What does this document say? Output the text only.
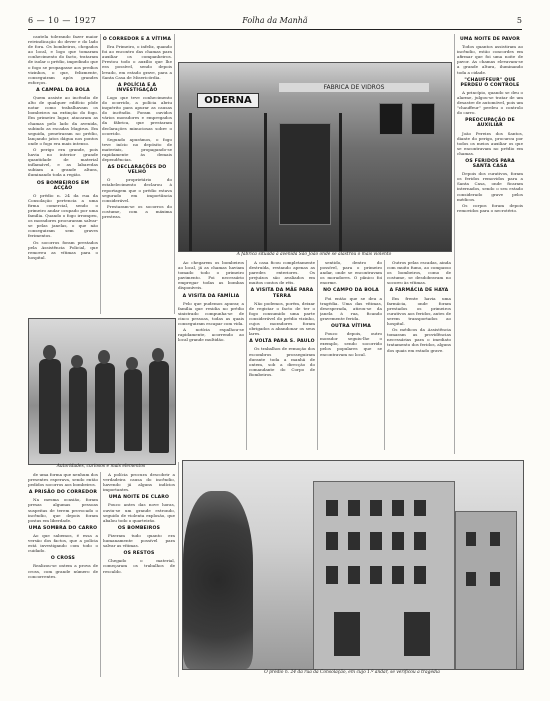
6 — 10 — 1927	Folha da Manhã	5

cautela tolerando fazer maior reivindicação do dever e do lado de fora. Os bombeiros, chegados ao local, e logo que tomaram conhecimento do facto, trataram de isolar o prédio, impedindo que o fogo se propagasse aos predios vizinhos, o que, felizmente, conseguiram após grandes esforços.

A CAMPAL DA BOLA

Quem assiste ao incêndio de alto de qualquer edifício pôde notar como trabalhavam os bombeiros na extinção do fogo. Em primeiro lugar, atacaram as chamas pelo lado da avenida, subindo as escadas Magirus. Em seguida, penetraram no prédio, lançando jatos dágua nos pontos onde o fogo era mais intenso.

O perigo era grande, pois havia no interior grande quantidade de material inflamável, e as labaredas subiam a grande altura, iluminando toda a região.

OS BOMBEIROS EM ACÇÃO

O prédio n. 24 da rua da Consolação pertencia a uma firma comercial, sendo o primeiro andar ocupado por uma família. Quando o fogo irrompeu, os moradores procuraram salvar-se pelas janelas, o que não conseguiram sem graves ferimentos.

Os socorros foram prestados pela Assistência Policial, que removeu as vítimas para o hospital.

O CORREDOR E A VÍTIMA

Era Primeiro, o infeliz, quando foi ao encontro das chamas para auxiliar os companheiros. Prestou todo o auxílio que lhe era possível, sendo depois levado, em estado grave, para a Santa Casa de Misericórdia.

A POLÍCIA E A INVESTIGAÇÃO

Logo que teve conhecimento do ocorrido, a polícia abriu inquérito para apurar as causas do incêndio. Foram ouvidos vários moradores e empregados da fábrica, que prestaram declarações minuciosas sobre o ocorrido.

Segundo apurámos, o fogo teve início no depósito de materiais, propagando-se rapidamente às demais dependências.

AS DECLARAÇÕES DO VELHO

O proprietário do estabelecimento declarou à reportagem que o prédio estava segurado em importância considerável.

Prestaram-se os socorros do costume, com a máxima presteza.

ODERNA
FABRICA DE VIDROS
A fábrica situada à avenida São João onde se alastrou o mais violento
UMA NOITE DE PAVOR

Todos quantos assistiram ao incêndio, estão concordes em afirmar que foi uma noite de pavor. As chamas elevavam-se a grande altura, iluminando toda a cidade.

"CHAUFFEUR" QUE PERDEU O CONTROLE

A princípio, quando se deu o alarme, julgou-se tratar de um desastre de automóvel, pois um "chauffeur" perdeu o controlo do carro.

PREOCUPAÇÃO DE AUXILIAR

João Pereira dos Santos, diante do perigo, procurou por todos os meios auxiliar os que se encontravam no prédio em chamas.

OS FERIDOS PARA SANTA CASA

Depois dos curativos, foram os feridos removidos para a Santa Casa, onde ficaram internados, sendo o seu estado considerado grave pelos médicos.

Os corpos foram depois removidos para o necrotério.

Ao chegarem os bombeiros ao local, já as chamas haviam tomado todo o primeiro pavimento. Foi necessário empregar todas as bombas disponíveis.

A VISITA DA FAMÍLIA

Pelo que pudemos apurar, a família que residia no prédio sinistrado compunha-se de cinco pessoas, todas as quais conseguiram escapar com vida.

A notícia espalhou-se rapidamente, acorrendo ao local grande multidão.

A casa ficou completamente destruída, restando apenas as paredes exteriores. Os prejuízos são avaliados em muitos contos de réis.

A VISITA DA MÃE PARA TERRA

Não podemos, porém, deixar de registar o facto de ter o fogo consumido uma parte considerável do prédio vizinho, cujos moradores foram obrigados a abandonar os seus lares.

A VOLTA PARA S. PAULO

Os trabalhos de remoção dos escombros prosseguiram durante toda a manhã de ontem, sob a direcção do comandante do Corpo de Bombeiros.

sentido, dentro do possível, para o primeiro andar, onde se encontravam os moradores. O pânico foi enorme.

NO CAMPO DA BOLA

Foi então que se deu a tragédia. Uma das vítimas, desesperada, atirou-se da janela à rua, ficando gravemente ferida.

OUTRA VÍTIMA

Pouco depois, outro morador seguiu-lhe o exemplo, sendo socorrido pelos populares que se encontravam no local.

Outros pelas escadas, ainda com muito fumo, ao compasso os bombeiros, como de costume, se desdobravam no socorro às vítimas.

A FARMÁCIA DE HAYA

Em frente havia uma farmácia, onde foram prestados os primeiros curativos aos feridos, antes de serem transportados ao hospital.

Os médicos da Assistência tomaram as providências necessárias para o imediato tratamento dos feridos, alguns dos quais em estado grave.

Autoridades, curiosos e mais elementos

de uma forma que nenhum dos presentes esperava, sendo então pedidos socorros aos bombeiros.

A PRISÃO DO CORREDOR

Na mesma ocasião, foram presas algumas pessoas suspeitas de terem provocado o incêndio, que depois foram postas em liberdade.

UMA SOMBRA DO CARRO

Ao que sabemos, é essa a versão dos factos, que a polícia está investigando com todo o cuidado.

O CROSS

Realizou-se ontem a prova de cross, com grande número de concorrentes.

A polícia procura descobrir a verdadeira causa do incêndio, havendo já alguns indícios importantes.

UMA NOITE DE CLARO

Pouco antes das nove horas, ouviu-se um grande estrondo, seguido de violenta explosão, que abalou todo o quarteirão.

OS BOMBEIROS

Fizeram tudo quanto era humanamente possível para salvar as vítimas.

OS RESTOS

Chegado o material, começaram os trabalhos de rescaldo.

O prédio n. 24 da rua da Consolação, em cujo 1.º andar, se verificou a tragédia
